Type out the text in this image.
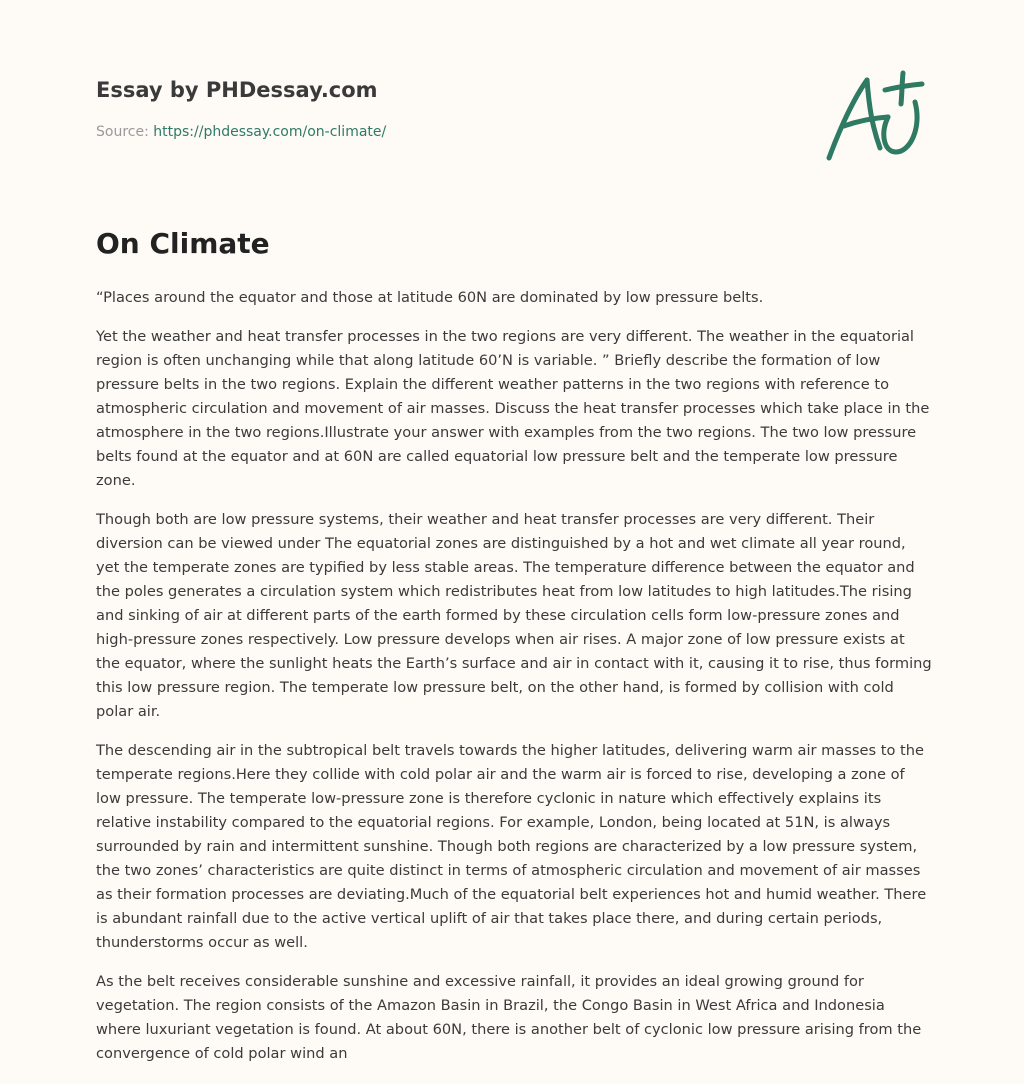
Essay by PHDessay.com
Source: https://phdessay.com/on-climate/
On Climate

“Places around the equator and those at latitude 60N are dominated by low pressure belts.

Yet the weather and heat transfer processes in the two regions are very different. The weather in the equatorial region is often unchanging while that along latitude 60’N is variable. ” Briefly describe the formation of low pressure belts in the two regions. Explain the different weather patterns in the two regions with reference to atmospheric circulation and movement of air masses. Discuss the heat transfer processes which take place in the atmosphere in the two regions.Illustrate your answer with examples from the two regions. The two low pressure belts found at the equator and at 60N are called equatorial low pressure belt and the temperate low pressure zone.

Though both are low pressure systems, their weather and heat transfer processes are very different. Their diversion can be viewed under The equatorial zones are distinguished by a hot and wet climate all year round, yet the temperate zones are typified by less stable areas. The temperature difference between the equator and the poles generates a circulation system which redistributes heat from low latitudes to high latitudes.The rising and sinking of air at different parts of the earth formed by these circulation cells form low-pressure zones and high-pressure zones respectively. Low pressure develops when air rises. A major zone of low pressure exists at the equator, where the sunlight heats the Earth’s surface and air in contact with it, causing it to rise, thus forming this low pressure region. The temperate low pressure belt, on the other hand, is formed by collision with cold polar air.

The descending air in the subtropical belt travels towards the higher latitudes, delivering warm air masses to the temperate regions.Here they collide with cold polar air and the warm air is forced to rise, developing a zone of low pressure. The temperate low-pressure zone is therefore cyclonic in nature which effectively explains its relative instability compared to the equatorial regions. For example, London, being located at 51N, is always surrounded by rain and intermittent sunshine. Though both regions are characterized by a low pressure system, the two zones’ characteristics are quite distinct in terms of atmospheric circulation and movement of air masses as their formation processes are deviating.Much of the equatorial belt experiences hot and humid weather. There is abundant rainfall due to the active vertical uplift of air that takes place there, and during certain periods, thunderstorms occur as well.

As the belt receives considerable sunshine and excessive rainfall, it provides an ideal growing ground for vegetation. The region consists of the Amazon Basin in Brazil, the Congo Basin in West Africa and Indonesia where luxuriant vegetation is found. At about 60N, there is another belt of cyclonic low pressure arising from the convergence of cold polar wind an
